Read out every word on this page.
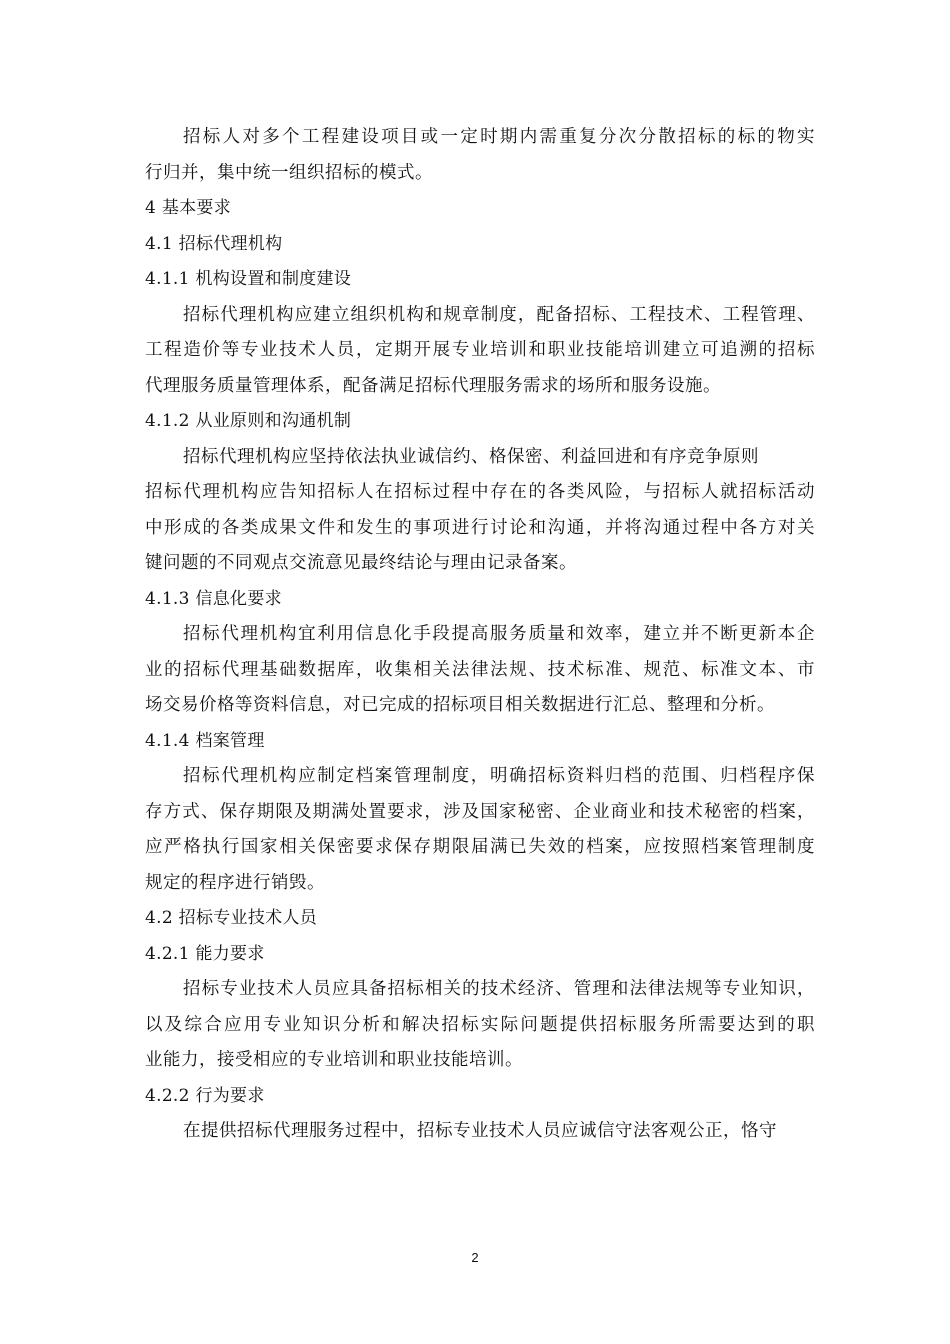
招标人对多个工程建设项目或一定时期内需重复分次分散招标的标的物实
行归并，集中统一组织招标的模式。
4 基本要求
4.1 招标代理机构
4.1.1 机构设置和制度建设
招标代理机构应建立组织机构和规章制度，配备招标、工程技术、工程管理、
工程造价等专业技术人员，定期开展专业培训和职业技能培训建立可追溯的招标
代理服务质量管理体系，配备满足招标代理服务需求的场所和服务设施。
4.1.2 从业原则和沟通机制
招标代理机构应坚持依法执业诚信约、格保密、利益回进和有序竞争原则
招标代理机构应告知招标人在招标过程中存在的各类风险，与招标人就招标活动
中形成的各类成果文件和发生的事项进行讨论和沟通，并将沟通过程中各方对关
键问题的不同观点交流意见最终结论与理由记录备案。
4.1.3 信息化要求
招标代理机构宜利用信息化手段提高服务质量和效率，建立并不断更新本企
业的招标代理基础数据库，收集相关法律法规、技术标准、规范、标准文本、市
场交易价格等资料信息，对已完成的招标项目相关数据进行汇总、整理和分析。
4.1.4 档案管理
招标代理机构应制定档案管理制度，明确招标资料归档的范围、归档程序保
存方式、保存期限及期满处置要求，涉及国家秘密、企业商业和技术秘密的档案，
应严格执行国家相关保密要求保存期限届满已失效的档案，应按照档案管理制度
规定的程序进行销毁。
4.2 招标专业技术人员
4.2.1 能力要求
招标专业技术人员应具备招标相关的技术经济、管理和法律法规等专业知识，
以及综合应用专业知识分析和解决招标实际问题提供招标服务所需要达到的职
业能力，接受相应的专业培训和职业技能培训。
4.2.2 行为要求
在提供招标代理服务过程中，招标专业技术人员应诚信守法客观公正，恪守
2
